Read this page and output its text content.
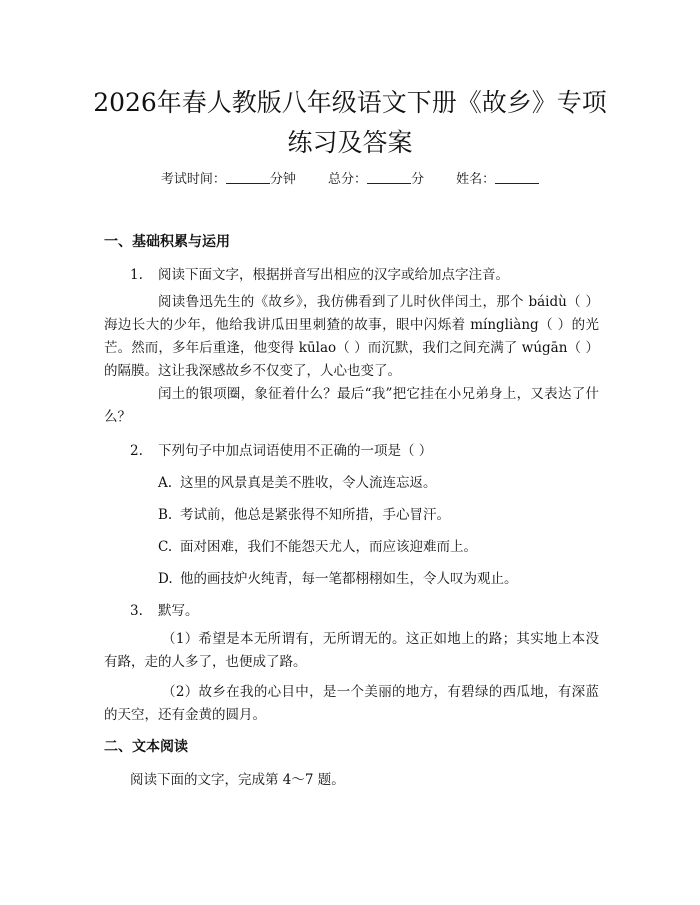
2026年春人教版八年级语文下册《故乡》专项练习及答案
考试时间：	分钟 总分：	分 姓名：
一、基础积累与运用
1. 阅读下面文字，根据拼音写出相应的汉字或给加点字注音。
阅读鲁迅先生的《故乡》，我仿佛看到了儿时伙伴闰土，那个 báidù（ ）海边长大的少年，他给我讲瓜田里刺猹的故事，眼中闪烁着 míngliàng（ ）的光芒。然而，多年后重逢，他变得 kūlao（ ）而沉默，我们之间充满了 wúgān（ ）的隔膜。这让我深感故乡不仅变了，人心也变了。
闰土的银项圈，象征着什么？最后“我”把它挂在小兄弟身上，又表达了什么？
2. 下列句子中加点词语使用不正确的一项是（ ）
A. 这里的风景真是美不胜收，令人流连忘返。
B. 考试前，他总是紧张得不知所措，手心冒汗。
C. 面对困难，我们不能怨天尤人，而应该迎难而上。
D. 他的画技炉火纯青，每一笔都栩栩如生，令人叹为观止。
3. 默写。
（1）希望是本无所谓有，无所谓无的。这正如地上的路；其实地上本没有路，走的人多了，也便成了路。
（2）故乡在我的心目中，是一个美丽的地方，有碧绿的西瓜地，有深蓝的天空，还有金黄的圆月。
二、文本阅读
阅读下面的文字，完成第 4～7 题。
